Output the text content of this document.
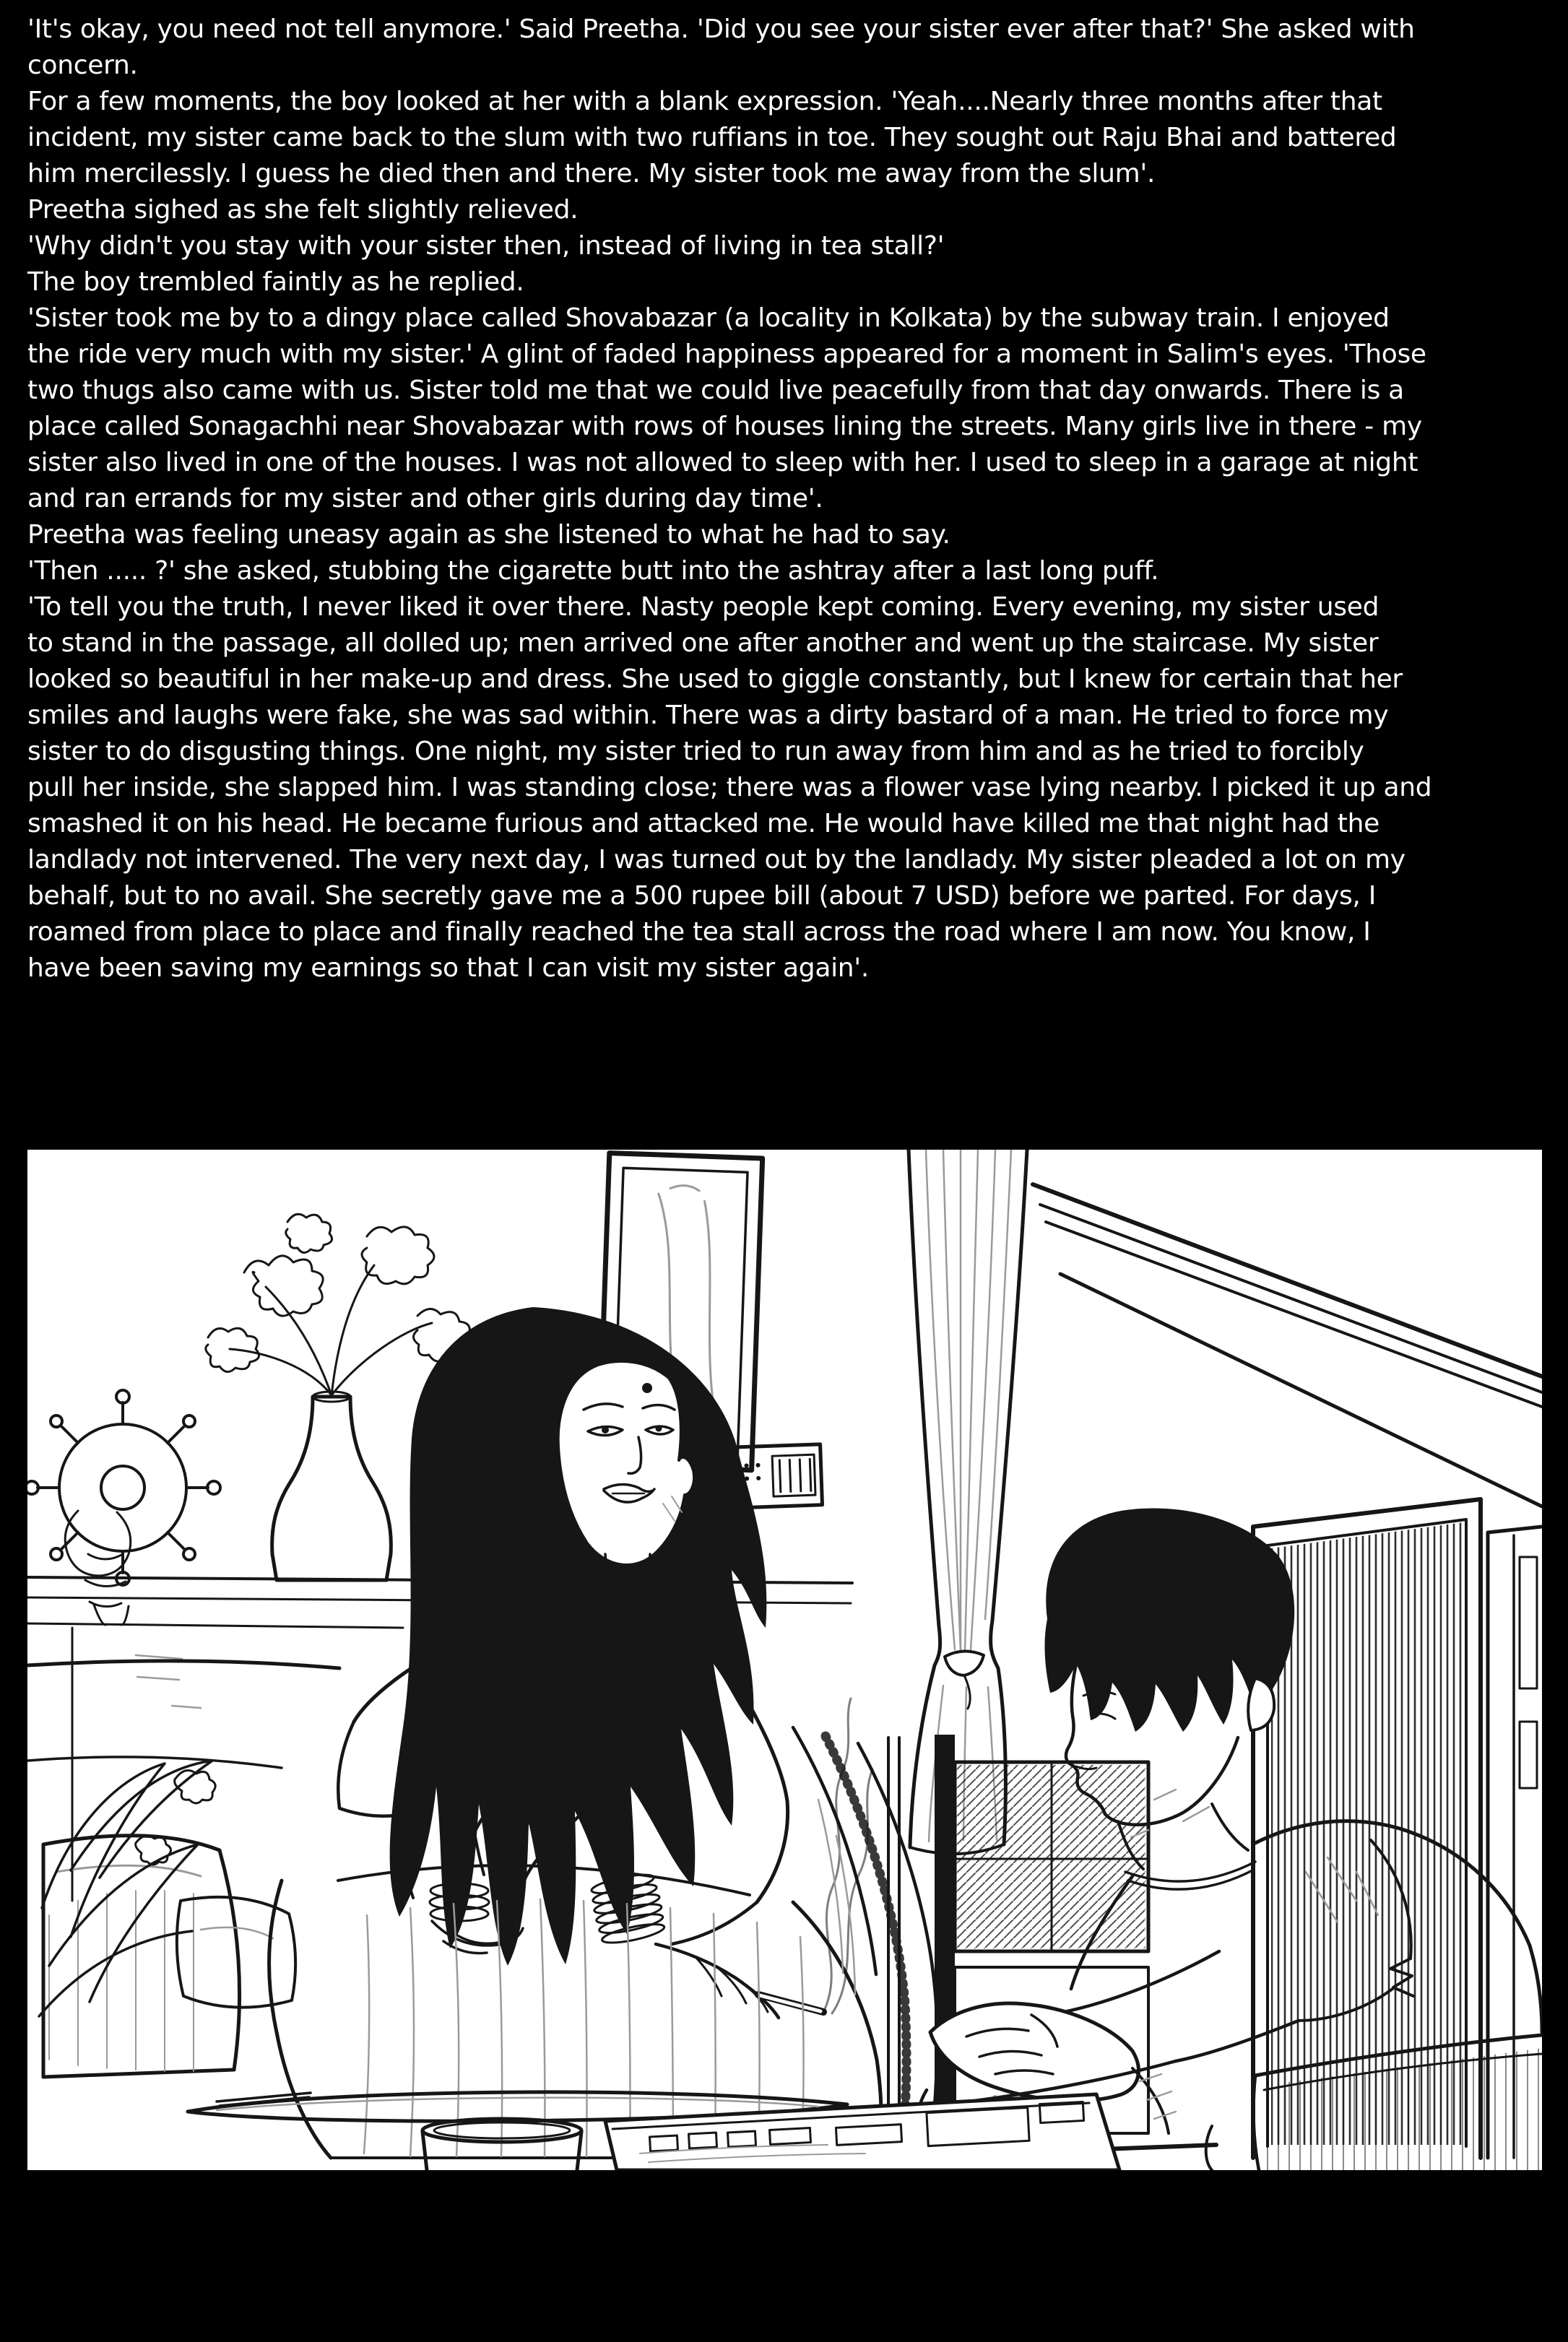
'It's okay, you need not tell anymore.' Said Preetha. 'Did you see your sister ever after that?' She asked with
concern.
For a few moments, the boy looked at her with a blank expression. 'Yeah....Nearly three months after that
incident, my sister came back to the slum with two ruffians in toe. They sought out Raju Bhai and battered
him mercilessly. I guess he died then and there. My sister took me away from the slum'.
Preetha sighed as she felt slightly relieved.
'Why didn't you stay with your sister then, instead of living in tea stall?'
The boy trembled faintly as he replied.
'Sister took me by to a dingy place called Shovabazar (a locality in Kolkata) by the subway train. I enjoyed
the ride very much with my sister.' A glint of faded happiness appeared for a moment in Salim's eyes. 'Those
two thugs also came with us. Sister told me that we could live peacefully from that day onwards. There is a
place called Sonagachhi near Shovabazar with rows of houses lining the streets. Many girls live in there - my
sister also lived in one of the houses. I was not allowed to sleep with her. I used to sleep in a garage at night
and ran errands for my sister and other girls during day time'.
Preetha was feeling uneasy again as she listened to what he had to say.
'Then ..... ?' she asked, stubbing the cigarette butt into the ashtray after a last long puff.
'To tell you the truth, I never liked it over there. Nasty people kept coming. Every evening, my sister used
to stand in the passage, all dolled up; men arrived one after another and went up the staircase. My sister
looked so beautiful in her make-up and dress. She used to giggle constantly, but I knew for certain that her
smiles and laughs were fake, she was sad within. There was a dirty bastard of a man. He tried to force my
sister to do disgusting things. One night, my sister tried to run away from him and as he tried to forcibly
pull her inside, she slapped him. I was standing close; there was a flower vase lying nearby. I picked it up and
smashed it on his head. He became furious and attacked me. He would have killed me that night had the
landlady not intervened. The very next day, I was turned out by the landlady. My sister pleaded a lot on my
behalf, but to no avail. She secretly gave me a 500 rupee bill (about 7 USD) before we parted. For days, I
roamed from place to place and finally reached the tea stall across the road where I am now. You know, I
have been saving my earnings so that I can visit my sister again'.
